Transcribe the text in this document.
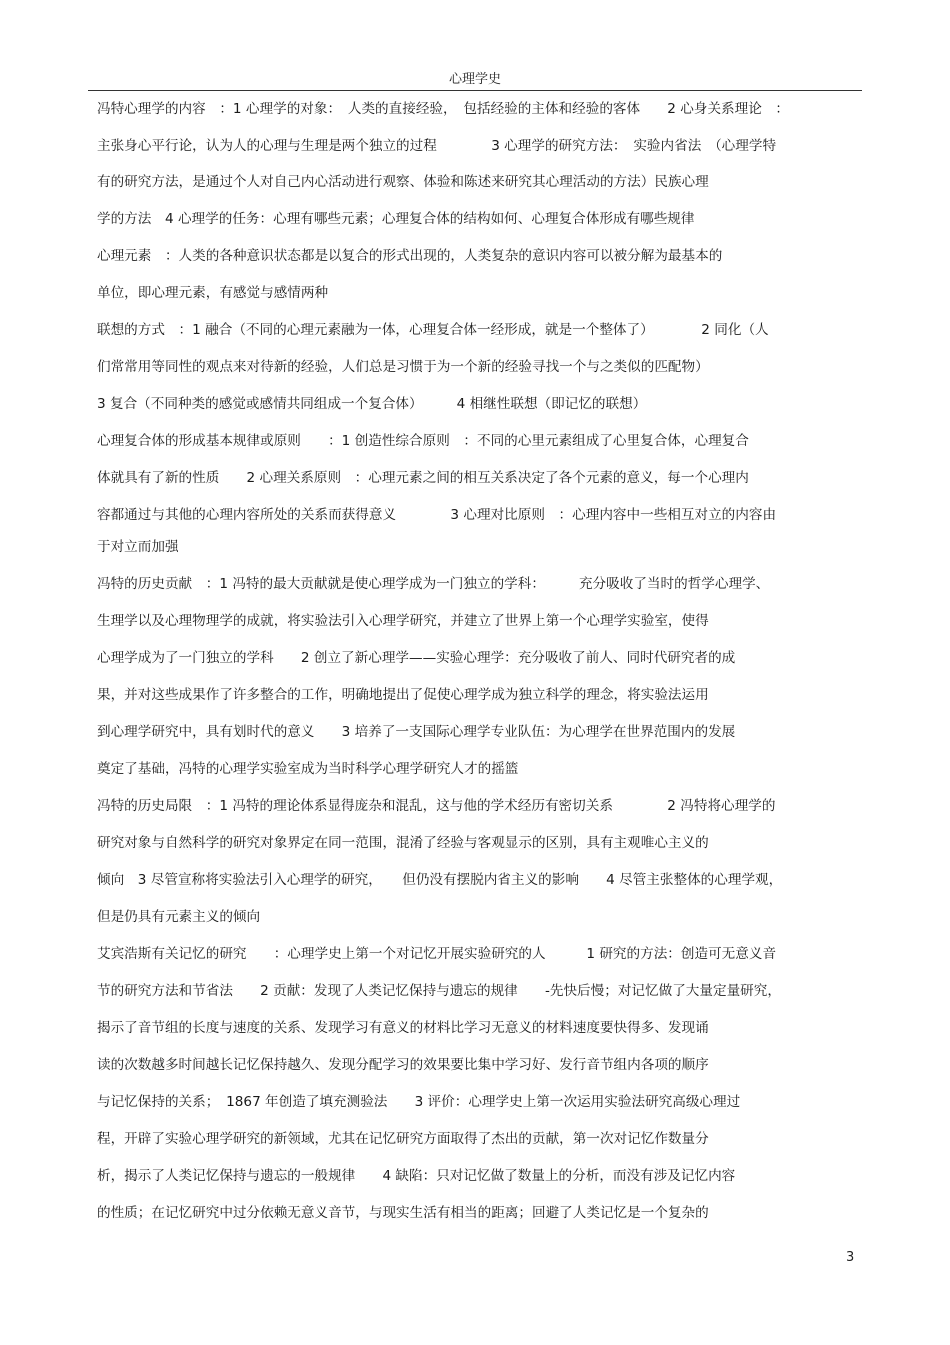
心理学史
冯特心理学的内容　：1 心理学的对象：　人类的直接经验，　包括经验的主体和经验的客体　　2 心身关系理论　：
主张身心平行论，认为人的心理与生理是两个独立的过程　　　　3 心理学的研究方法：　实验内省法　（心理学特
有的研究方法，是通过个人对自己内心活动进行观察、体验和陈述来研究其心理活动的方法）民族心理
学的方法　4 心理学的任务：心理有哪些元素；心理复合体的结构如何、心理复合体形成有哪些规律
心理元素　：人类的各种意识状态都是以复合的形式出现的，人类复杂的意识内容可以被分解为最基本的
单位，即心理元素，有感觉与感情两种
联想的方式　：1 融合（不同的心理元素融为一体，心理复合体一经形成，就是一个整体了）　　　　2 同化（人
们常常用等同性的观点来对待新的经验，人们总是习惯于为一个新的经验寻找一个与之类似的匹配物）
3 复合（不同种类的感觉或感情共同组成一个复合体）　　　4 相继性联想（即记忆的联想）
心理复合体的形成基本规律或原则　　：1 创造性综合原则　：不同的心里元素组成了心里复合体，心理复合
体就具有了新的性质　　2 心理关系原则　：心理元素之间的相互关系决定了各个元素的意义，每一个心理内
容都通过与其他的心理内容所处的关系而获得意义　　　　3 心理对比原则　：心理内容中一些相互对立的内容由
于对立而加强
冯特的历史贡献　：1 冯特的最大贡献就是使心理学成为一门独立的学科：　　　充分吸收了当时的哲学心理学、
生理学以及心理物理学的成就，将实验法引入心理学研究，并建立了世界上第一个心理学实验室，使得
心理学成为了一门独立的学科　　2 创立了新心理学——实验心理学：充分吸收了前人、同时代研究者的成
果，并对这些成果作了许多整合的工作，明确地提出了促使心理学成为独立科学的理念，将实验法运用
到心理学研究中，具有划时代的意义　　3 培养了一支国际心理学专业队伍：为心理学在世界范围内的发展
奠定了基础，冯特的心理学实验室成为当时科学心理学研究人才的摇篮
冯特的历史局限　：1 冯特的理论体系显得庞杂和混乱，这与他的学术经历有密切关系　　　　2 冯特将心理学的
研究对象与自然科学的研究对象界定在同一范围，混淆了经验与客观显示的区别，具有主观唯心主义的
倾向　3 尽管宣称将实验法引入心理学的研究，　　但仍没有摆脱内省主义的影响　　4 尽管主张整体的心理学观，
但是仍具有元素主义的倾向
艾宾浩斯有关记忆的研究　　：心理学史上第一个对记忆开展实验研究的人　　　1 研究的方法：创造可无意义音
节的研究方法和节省法　　2 贡献：发现了人类记忆保持与遗忘的规律　　-先快后慢；对记忆做了大量定量研究，
揭示了音节组的长度与速度的关系、发现学习有意义的材料比学习无意义的材料速度要快得多、发现诵
读的次数越多时间越长记忆保持越久、发现分配学习的效果要比集中学习好、发行音节组内各项的顺序
与记忆保持的关系；　1867 年创造了填充测验法　　3 评价：心理学史上第一次运用实验法研究高级心理过
程，开辟了实验心理学研究的新领域，尤其在记忆研究方面取得了杰出的贡献，第一次对记忆作数量分
析，揭示了人类记忆保持与遗忘的一般规律　　4 缺陷：只对记忆做了数量上的分析，而没有涉及记忆内容
的性质；在记忆研究中过分依赖无意义音节，与现实生活有相当的距离；回避了人类记忆是一个复杂的
3
